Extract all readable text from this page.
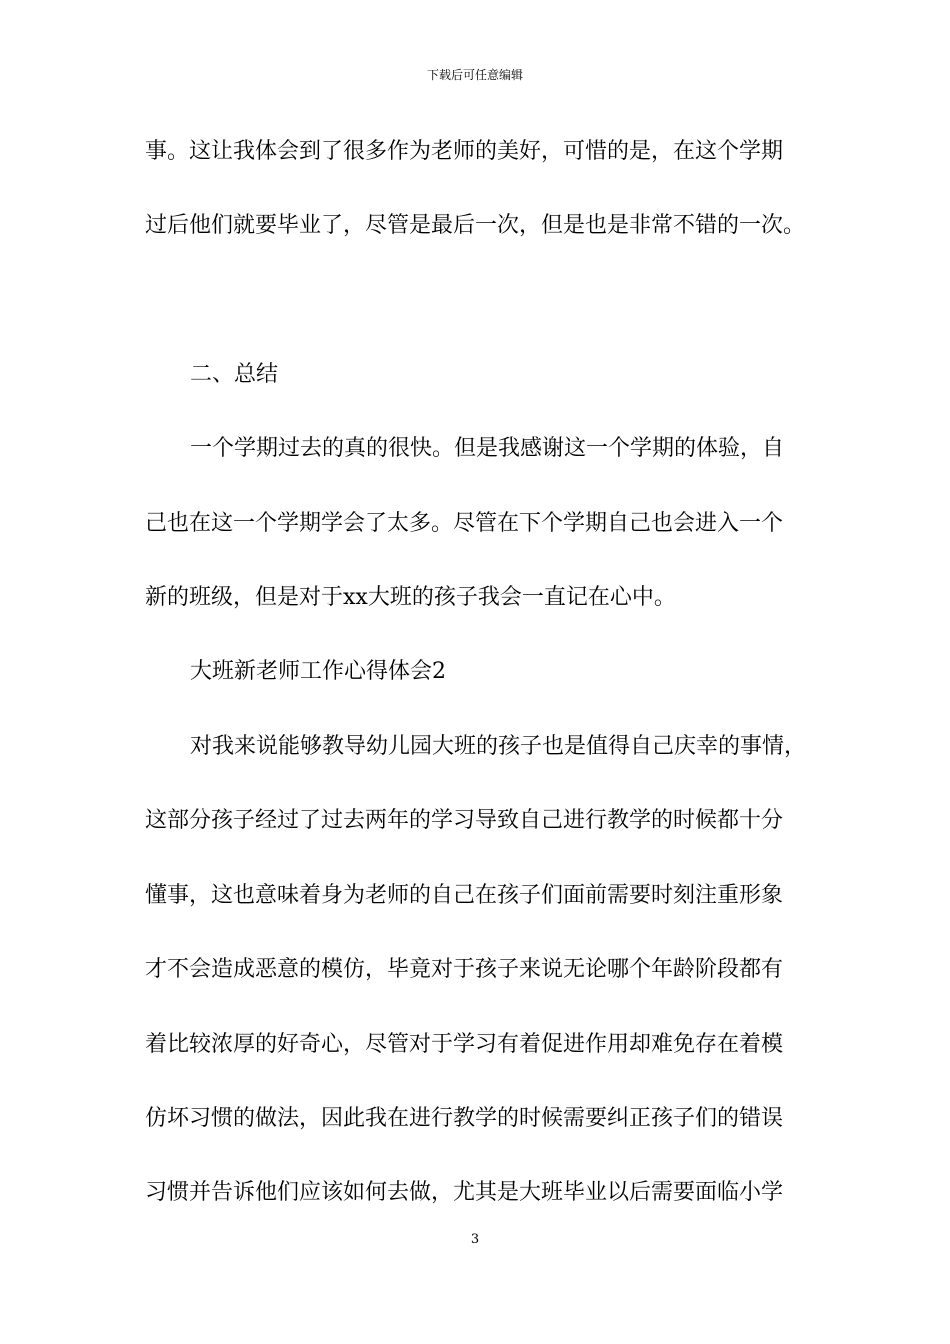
下载后可任意编辑
事。这让我体会到了很多作为老师的美好，可惜的是，在这个学期
过后他们就要毕业了，尽管是最后一次，但是也是非常不错的一次。
二、总结
一个学期过去的真的很快。但是我感谢这一个学期的体验，自
己也在这一个学期学会了太多。尽管在下个学期自己也会进入一个
新的班级，但是对于xx大班的孩子我会一直记在心中。
大班新老师工作心得体会2
对我来说能够教导幼儿园大班的孩子也是值得自己庆幸的事情，
这部分孩子经过了过去两年的学习导致自己进行教学的时候都十分
懂事，这也意味着身为老师的自己在孩子们面前需要时刻注重形象
才不会造成恶意的模仿，毕竟对于孩子来说无论哪个年龄阶段都有
着比较浓厚的好奇心，尽管对于学习有着促进作用却难免存在着模
仿坏习惯的做法，因此我在进行教学的时候需要纠正孩子们的错误
习惯并告诉他们应该如何去做，尤其是大班毕业以后需要面临小学
3
